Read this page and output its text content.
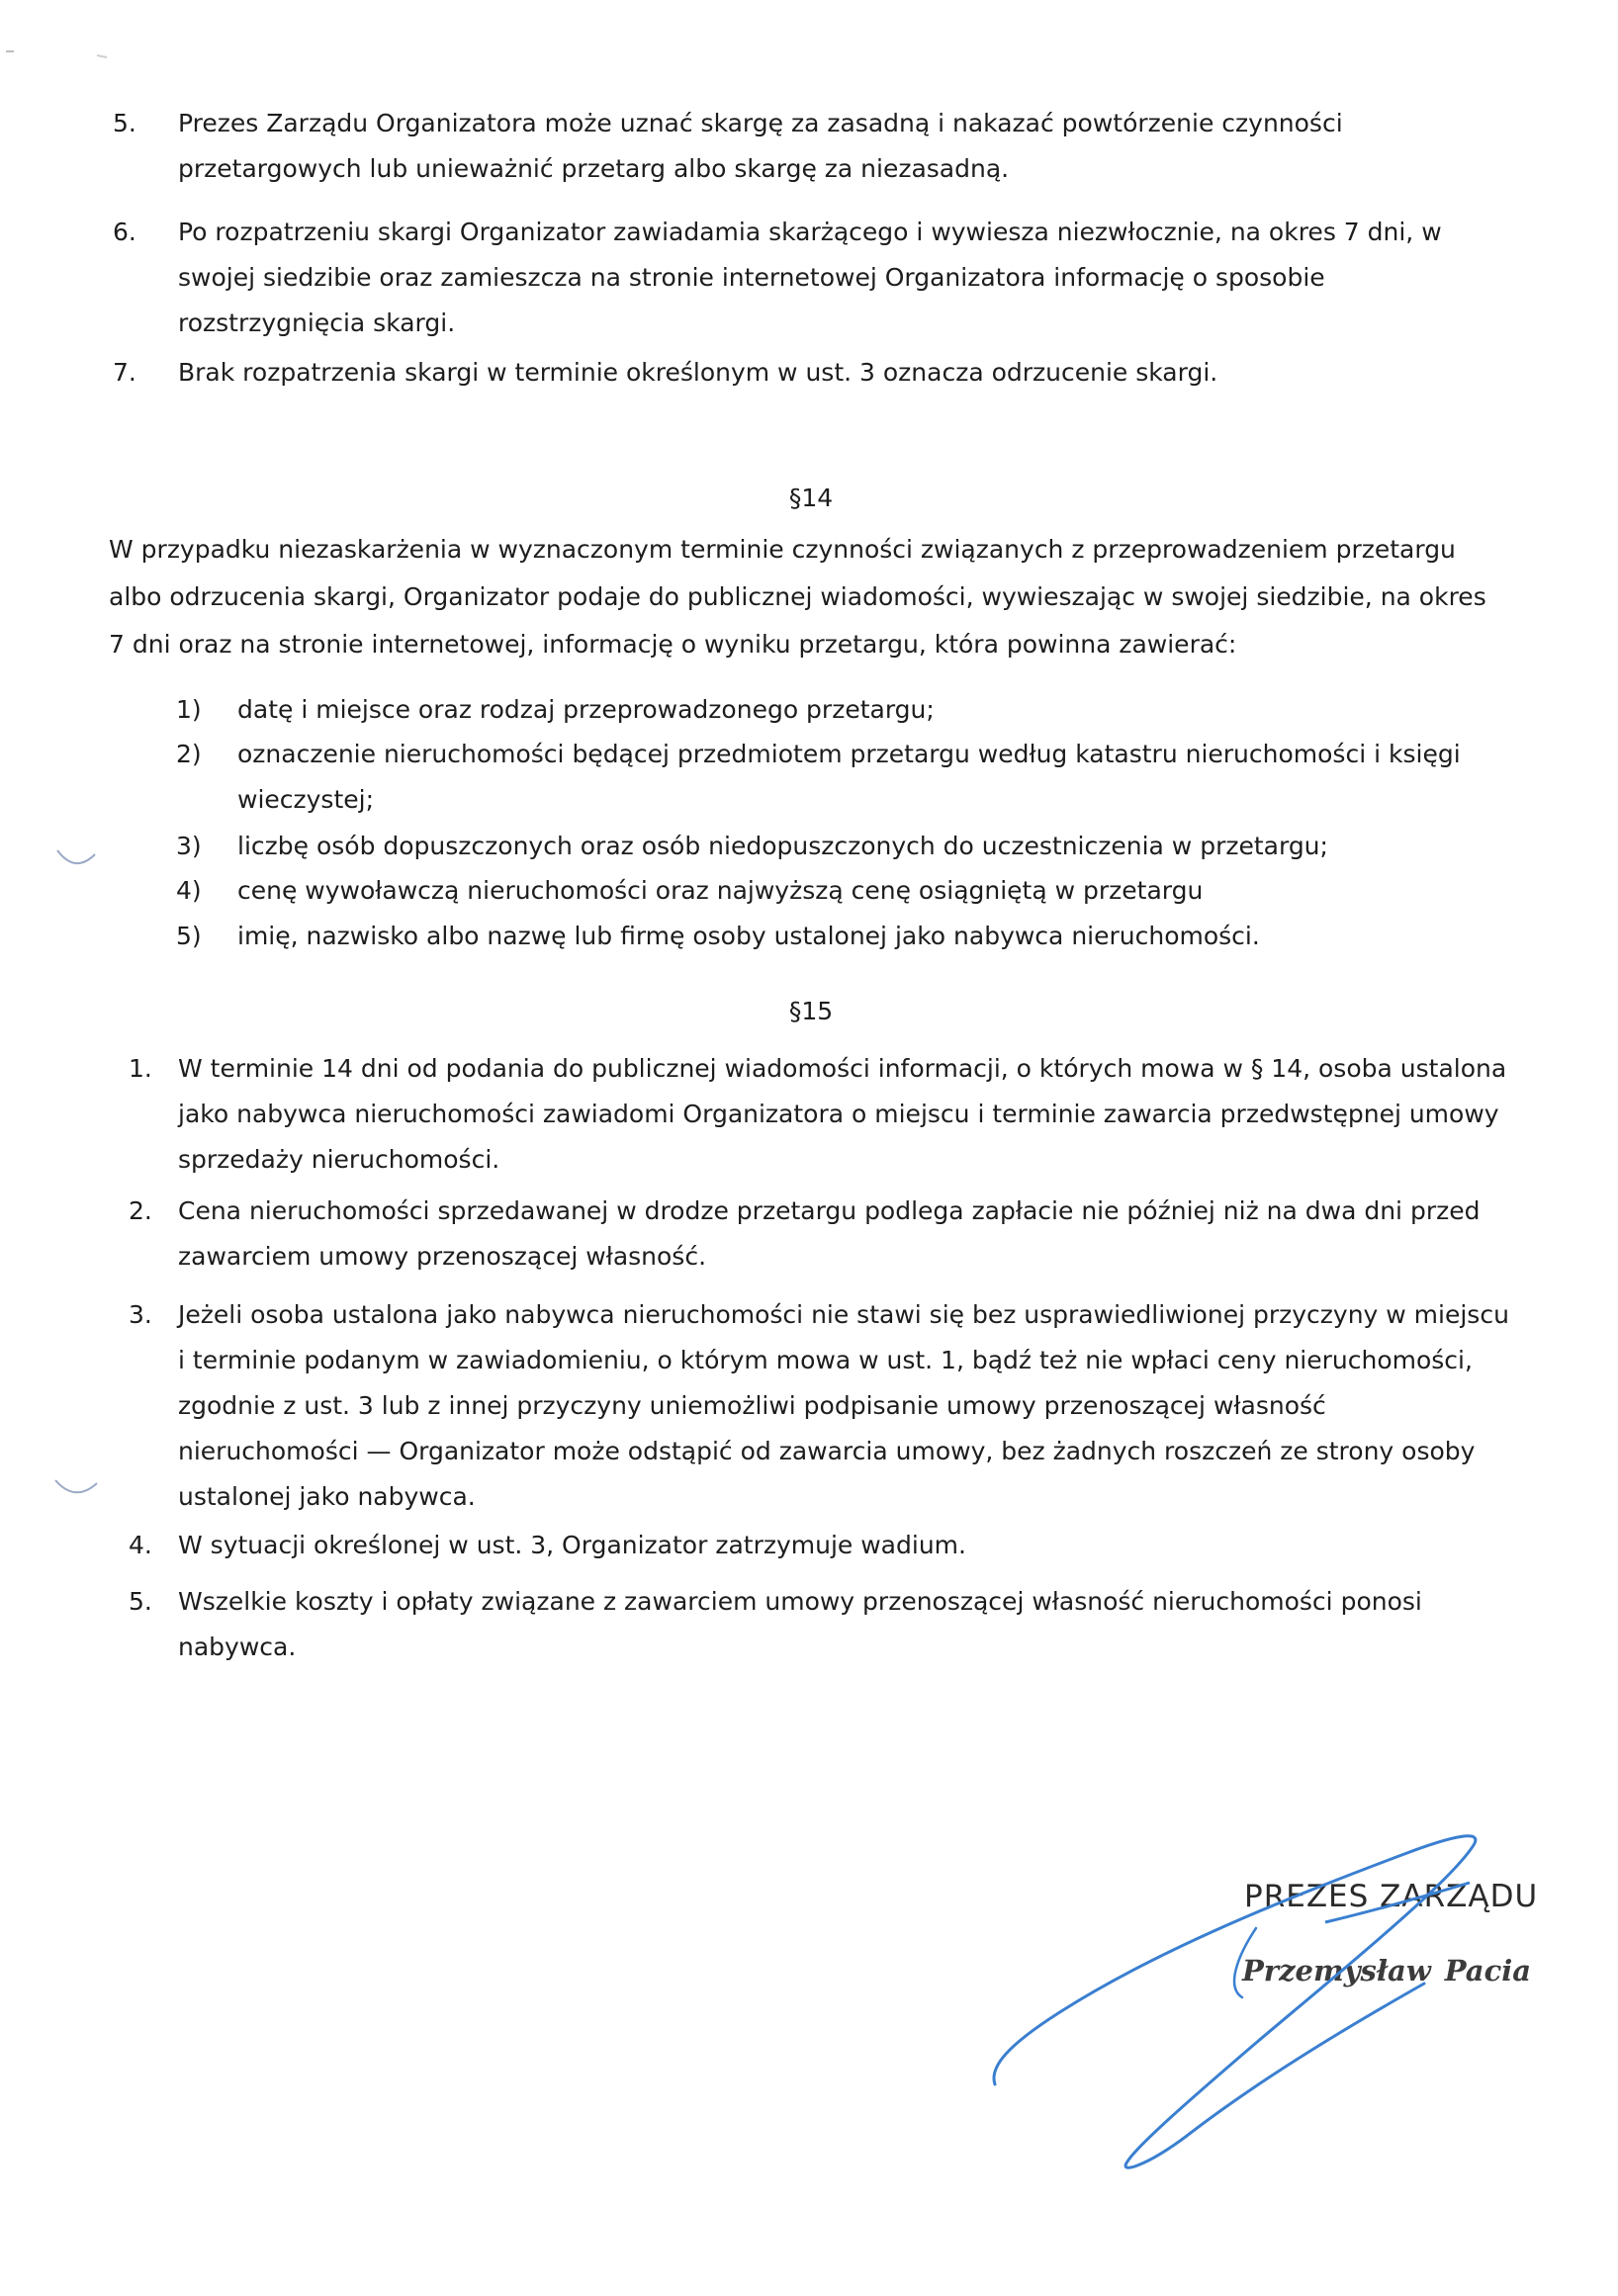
5. Prezes Zarządu Organizatora może uznać skargę za zasadną i nakazać powtórzenie czynności przetargowych lub unieważnić przetarg albo skargę za niezasadną.
6. Po rozpatrzeniu skargi Organizator zawiadamia skarżącego i wywiesza niezwłocznie, na okres 7 dni, w swojej siedzibie oraz zamieszcza na stronie internetowej Organizatora informację o sposobie rozstrzygnięcia skargi.
7. Brak rozpatrzenia skargi w terminie określonym w ust. 3 oznacza odrzucenie skargi.
§14
W przypadku niezaskarżenia w wyznaczonym terminie czynności związanych z przeprowadzeniem przetargu albo odrzucenia skargi, Organizator podaje do publicznej wiadomości, wywieszając w swojej siedzibie, na okres 7 dni oraz na stronie internetowej, informację o wyniku przetargu, która powinna zawierać:
1) datę i miejsce oraz rodzaj przeprowadzonego przetargu;
2) oznaczenie nieruchomości będącej przedmiotem przetargu według katastru nieruchomości i księgi wieczystej;
3) liczbę osób dopuszczonych oraz osób niedopuszczonych do uczestniczenia w przetargu;
4) cenę wywoławczą nieruchomości oraz najwyższą cenę osiągniętą w przetargu
5) imię, nazwisko albo nazwę lub firmę osoby ustalonej jako nabywca nieruchomości.
§15
1. W terminie 14 dni od podania do publicznej wiadomości informacji, o których mowa w § 14, osoba ustalona jako nabywca nieruchomości zawiadomi Organizatora o miejscu i terminie zawarcia przedwstępnej umowy sprzedaży nieruchomości.
2. Cena nieruchomości sprzedawanej w drodze przetargu podlega zapłacie nie później niż na dwa dni przed zawarciem umowy przenoszącej własność.
3. Jeżeli osoba ustalona jako nabywca nieruchomości nie stawi się bez usprawiedliwionej przyczyny w miejscu i terminie podanym w zawiadomieniu, o którym mowa w ust. 1, bądź też nie wpłaci ceny nieruchomości, zgodnie z ust. 3 lub z innej przyczyny uniemożliwi podpisanie umowy przenoszącej własność nieruchomości — Organizator może odstąpić od zawarcia umowy, bez żadnych roszczeń ze strony osoby ustalonej jako nabywca.
4. W sytuacji określonej w ust. 3, Organizator zatrzymuje wadium.
5. Wszelkie koszty i opłaty związane z zawarciem umowy przenoszącej własność nieruchomości ponosi nabywca.
PREZES ZARZĄDU
Przemysław Pacia
